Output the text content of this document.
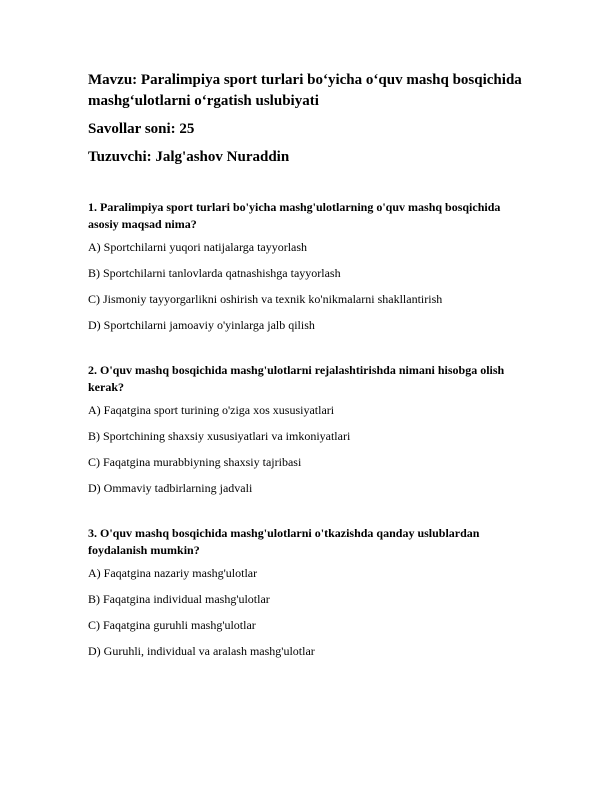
Mavzu: Paralimpiya sport turlari bo‘yicha o‘quv mashq bosqichida mashg‘ulotlarni o‘rgatish uslubiyati
Savollar soni: 25
Tuzuvchi: Jalg'ashov Nuraddin
1. Paralimpiya sport turlari bo'yicha mashg'ulotlarning o'quv mashq bosqichida asosiy maqsad nima?
A) Sportchilarni yuqori natijalarga tayyorlash
B) Sportchilarni tanlovlarda qatnashishga tayyorlash
C) Jismoniy tayyorgarlikni oshirish va texnik ko'nikmalarni shakllantirish
D) Sportchilarni jamoaviy o'yinlarga jalb qilish
2. O'quv mashq bosqichida mashg'ulotlarni rejalashtirishda nimani hisobga olish kerak?
A) Faqatgina sport turining o'ziga xos xususiyatlari
B) Sportchining shaxsiy xususiyatlari va imkoniyatlari
C) Faqatgina murabbiyning shaxsiy tajribasi
D) Ommaviy tadbirlarning jadvali
3. O'quv mashq bosqichida mashg'ulotlarni o'tkazishda qanday uslublardan foydalanish mumkin?
A) Faqatgina nazariy mashg'ulotlar
B) Faqatgina individual mashg'ulotlar
C) Faqatgina guruhli mashg'ulotlar
D) Guruhli, individual va aralash mashg'ulotlar
